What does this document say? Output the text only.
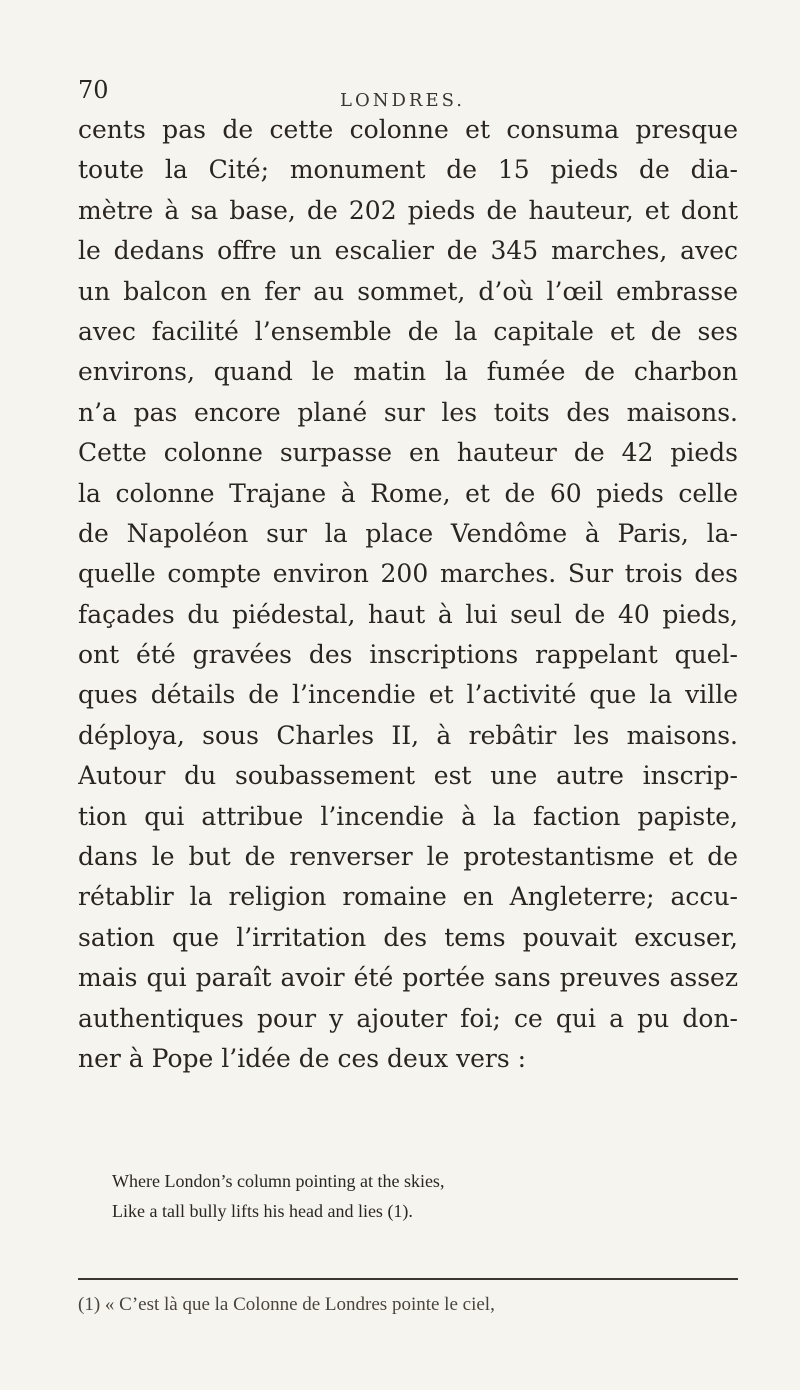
70	LONDRES.
cents pas de cette colonne et consuma presque
toute la Cité; monument de 15 pieds de dia-
mètre à sa base, de 202 pieds de hauteur, et dont
le dedans offre un escalier de 345 marches, avec
un balcon en fer au sommet, d’où l’œil embrasse
avec facilité l’ensemble de la capitale et de ses
environs, quand le matin la fumée de charbon
n’a pas encore plané sur les toits des maisons.
Cette colonne surpasse en hauteur de 42 pieds
la colonne Trajane à Rome, et de 60 pieds celle
de Napoléon sur la place Vendôme à Paris, la-
quelle compte environ 200 marches. Sur trois des
façades du piédestal, haut à lui seul de 40 pieds,
ont été gravées des inscriptions rappelant quel-
ques détails de l’incendie et l’activité que la ville
déploya, sous Charles II, à rebâtir les maisons.
Autour du soubassement est une autre inscrip-
tion qui attribue l’incendie à la faction papiste,
dans le but de renverser le protestantisme et de
rétablir la religion romaine en Angleterre; accu-
sation que l’irritation des tems pouvait excuser,
mais qui paraît avoir été portée sans preuves assez
authentiques pour y ajouter foi; ce qui a pu don-
ner à Pope l’idée de ces deux vers :
Where London’s column pointing at the skies,
Like a tall bully lifts his head and lies (1).
(1) « C’est là que la Colonne de Londres pointe le ciel,
